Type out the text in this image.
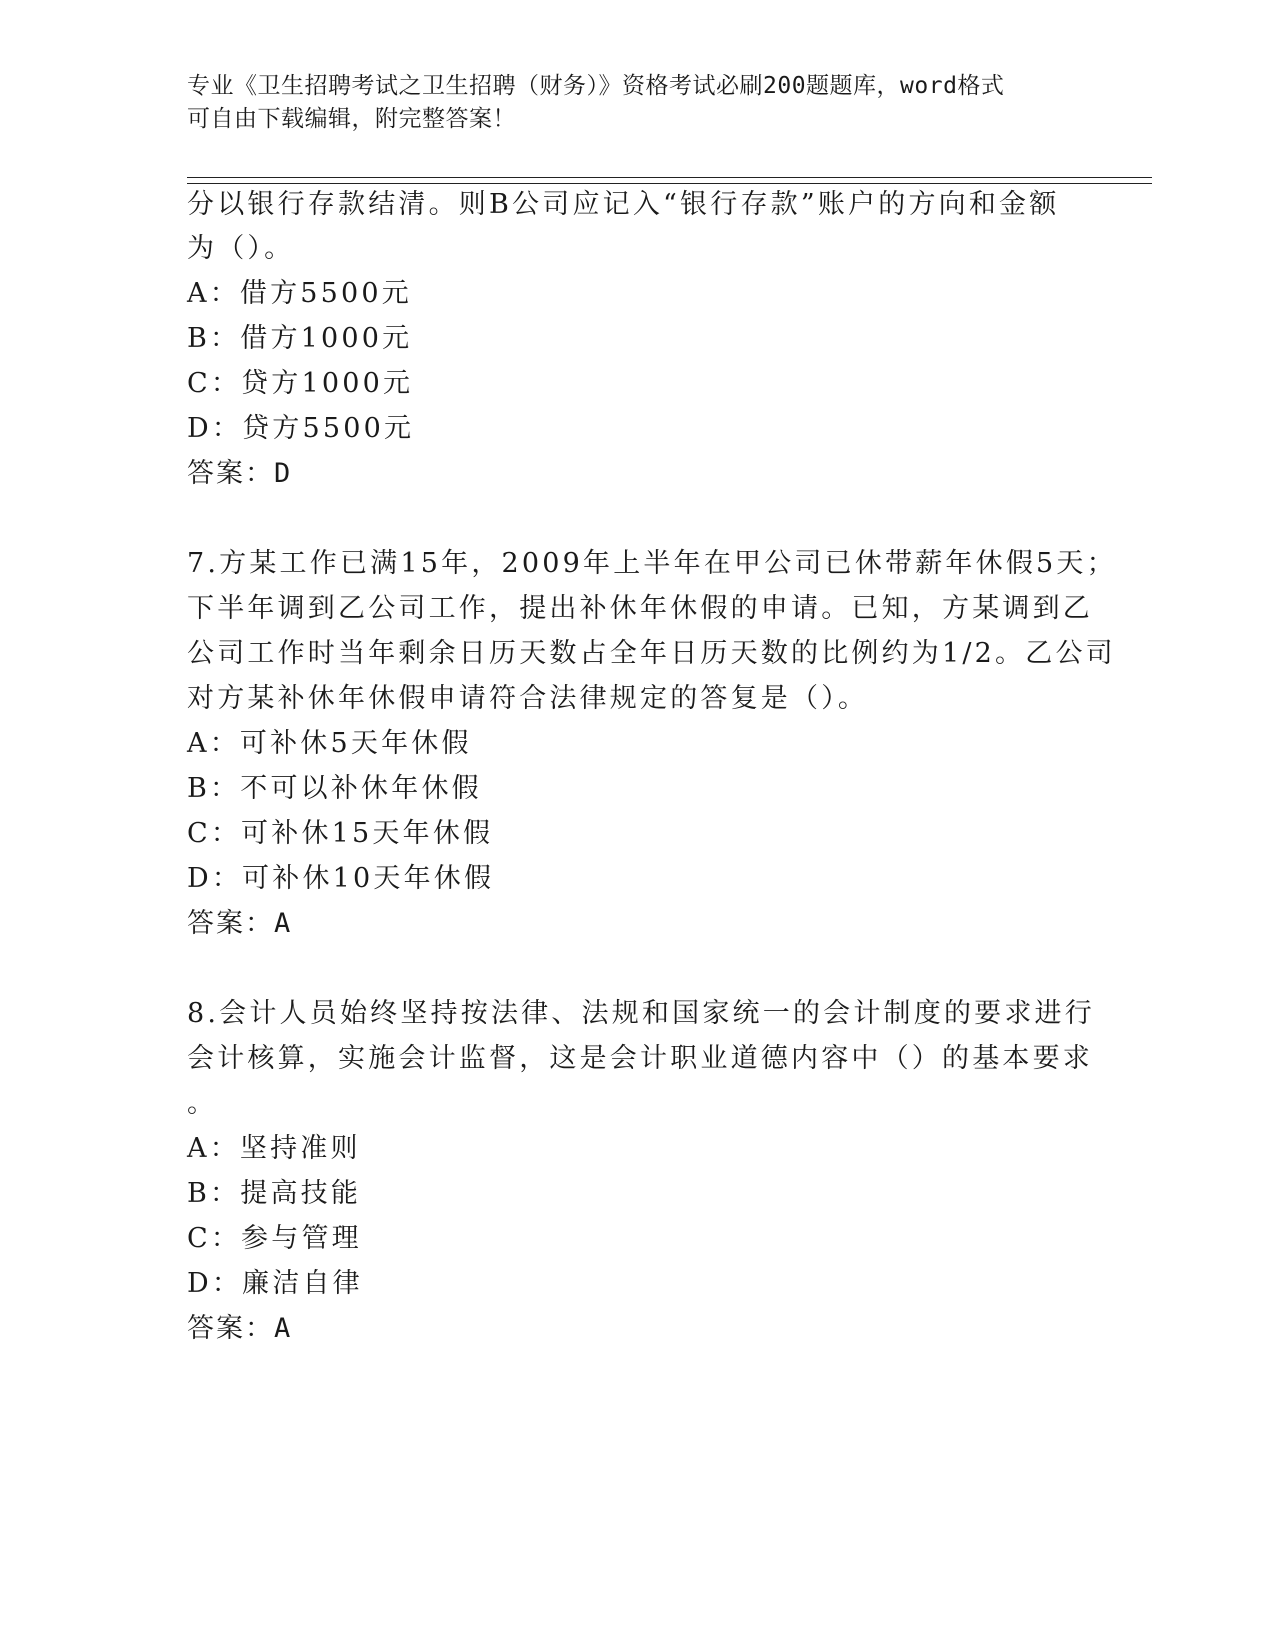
专业《卫生招聘考试之卫生招聘（财务）》资格考试必刷200题题库，word格式
可自由下载编辑，附完整答案！
分以银行存款结清。则B公司应记入“银行存款”账户的方向和金额
为（）。
A：借方5500元
B：借方1000元
C：贷方1000元
D：贷方5500元
答案：D
7.方某工作已满15年，2009年上半年在甲公司已休带薪年休假5天；
下半年调到乙公司工作，提出补休年休假的申请。已知，方某调到乙
公司工作时当年剩余日历天数占全年日历天数的比例约为1/2。乙公司
对方某补休年休假申请符合法律规定的答复是（）。
A：可补休5天年休假
B：不可以补休年休假
C：可补休15天年休假
D：可补休10天年休假
答案：A
8.会计人员始终坚持按法律、法规和国家统一的会计制度的要求进行
会计核算，实施会计监督，这是会计职业道德内容中（）的基本要求
。
A：坚持准则
B：提高技能
C：参与管理
D：廉洁自律
答案：A
